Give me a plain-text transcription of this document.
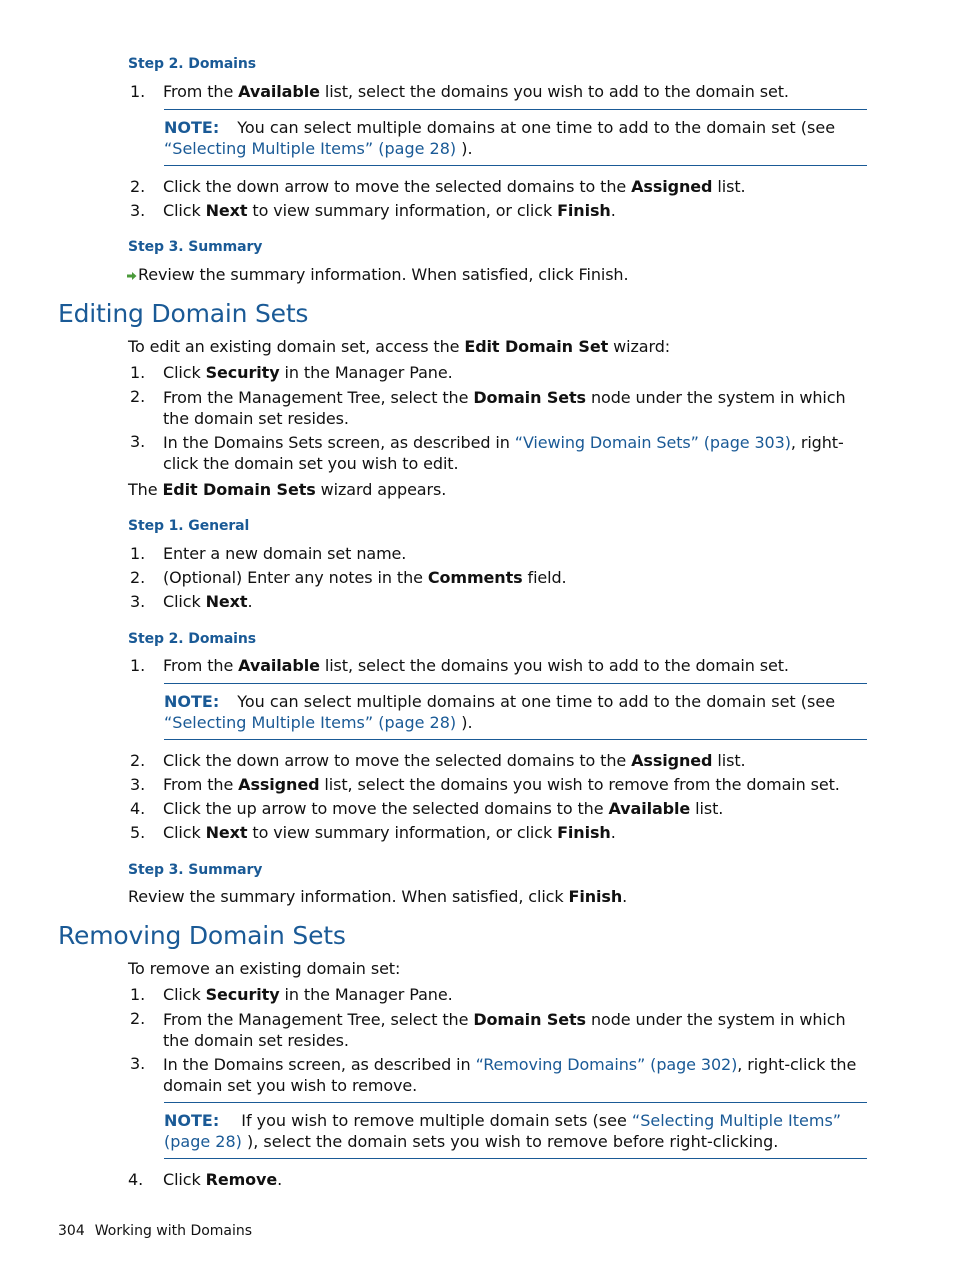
Step 2. Domains
1. From the Available list, select the domains you wish to add to the domain set.
NOTE: You can select multiple domains at one time to add to the domain set (see “Selecting Multiple Items” (page 28) ).
2. Click the down arrow to move the selected domains to the Assigned list.
3. Click Next to view summary information, or click Finish.
Step 3. Summary
Review the summary information. When satisfied, click Finish.
Editing Domain Sets
To edit an existing domain set, access the Edit Domain Set wizard:
1. Click Security in the Manager Pane.
2. From the Management Tree, select the Domain Sets node under the system in which the domain set resides.
3. In the Domains Sets screen, as described in “Viewing Domain Sets” (page 303), right-click the domain set you wish to edit.
The Edit Domain Sets wizard appears.
Step 1. General
1. Enter a new domain set name.
2. (Optional) Enter any notes in the Comments field.
3. Click Next.
Step 2. Domains
1. From the Available list, select the domains you wish to add to the domain set.
NOTE: You can select multiple domains at one time to add to the domain set (see “Selecting Multiple Items” (page 28) ).
2. Click the down arrow to move the selected domains to the Assigned list.
3. From the Assigned list, select the domains you wish to remove from the domain set.
4. Click the up arrow to move the selected domains to the Available list.
5. Click Next to view summary information, or click Finish.
Step 3. Summary
Review the summary information. When satisfied, click Finish.
Removing Domain Sets
To remove an existing domain set:
1. Click Security in the Manager Pane.
2. From the Management Tree, select the Domain Sets node under the system in which the domain set resides.
3. In the Domains screen, as described in “Removing Domains” (page 302), right-click the domain set you wish to remove.
NOTE: If you wish to remove multiple domain sets (see “Selecting Multiple Items” (page 28) ), select the domain sets you wish to remove before right-clicking.
4. Click Remove.
304 Working with Domains
